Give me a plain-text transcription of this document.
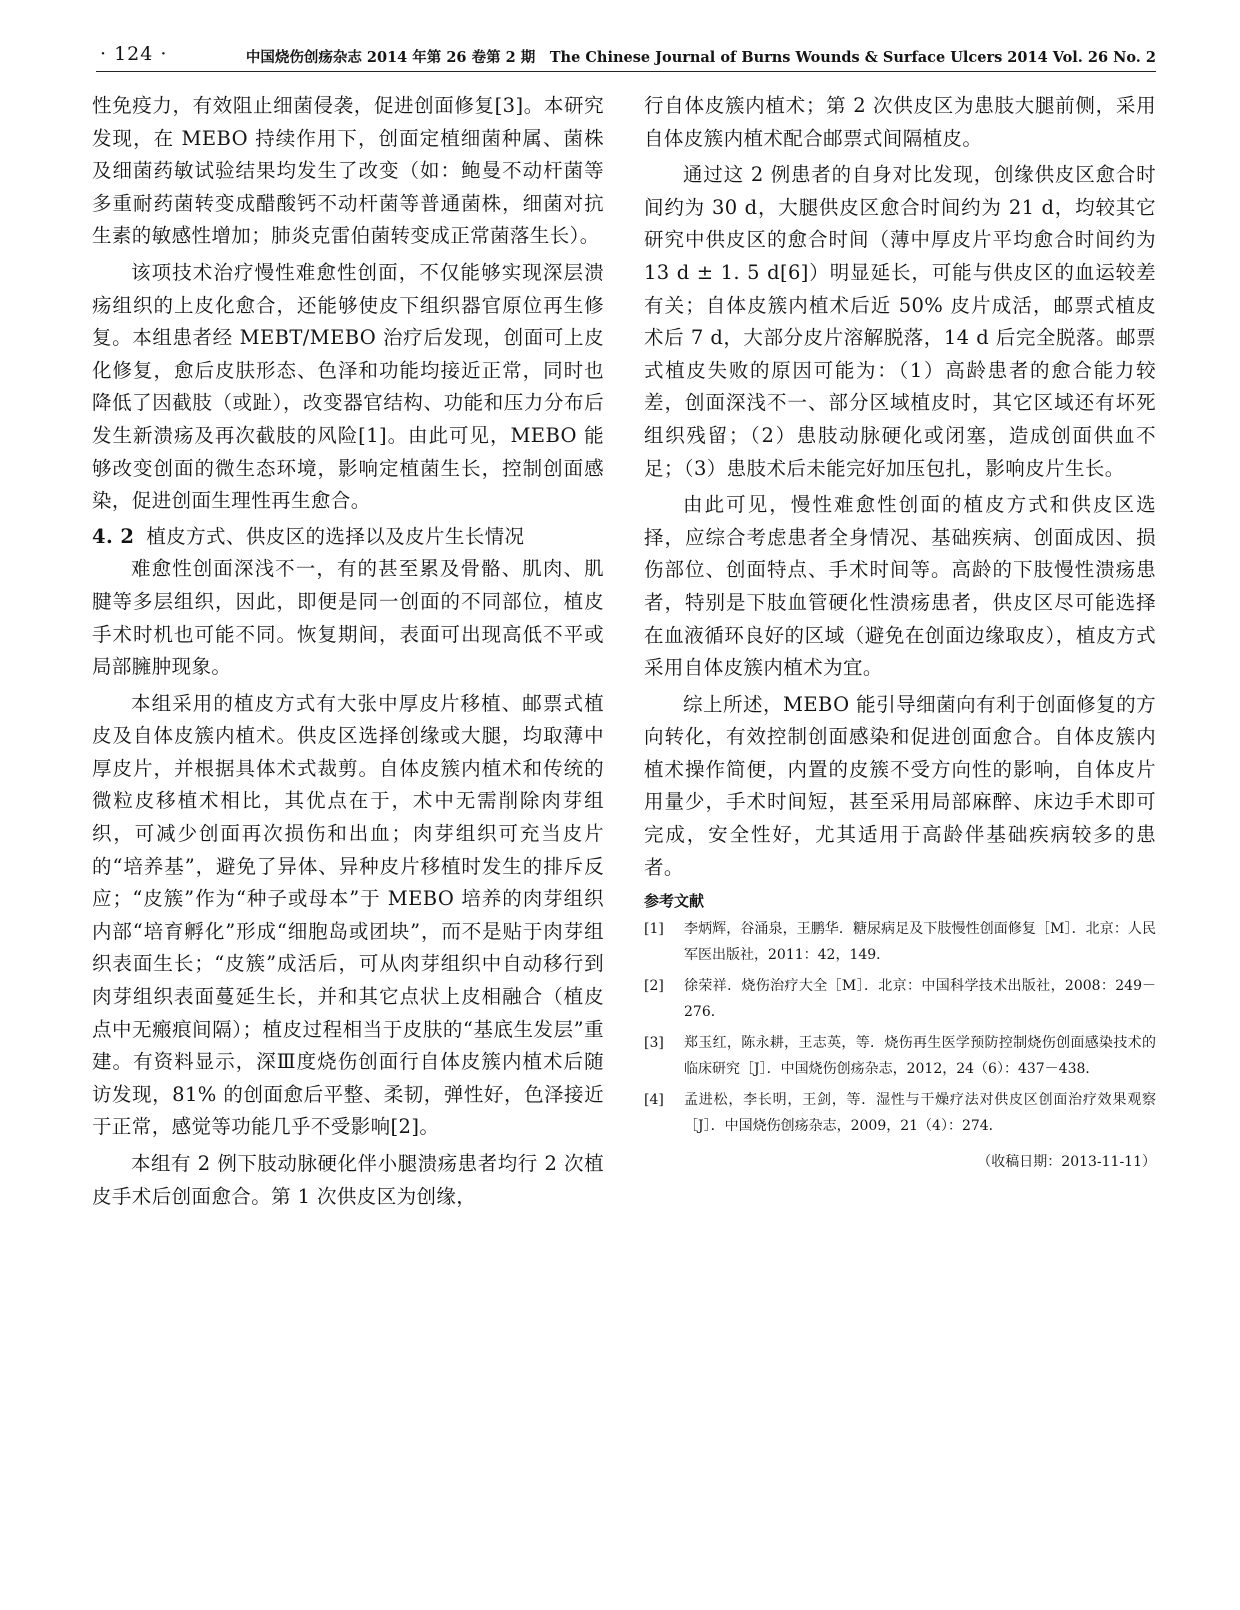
· 124 ·	中国烧伤创疡杂志 2014 年第 26 卷第 2 期　The Chinese Journal of Burns Wounds & Surface Ulcers 2014 Vol. 26 No. 2

性免疫力，有效阻止细菌侵袭，促进创面修复[3]。本研究发现，在 MEBO 持续作用下，创面定植细菌种属、菌株及细菌药敏试验结果均发生了改变（如：鲍曼不动杆菌等多重耐药菌转变成醋酸钙不动杆菌等普通菌株，细菌对抗生素的敏感性增加；肺炎克雷伯菌转变成正常菌落生长）。

该项技术治疗慢性难愈性创面，不仅能够实现深层溃疡组织的上皮化愈合，还能够使皮下组织器官原位再生修复。本组患者经 MEBT/MEBO 治疗后发现，创面可上皮化修复，愈后皮肤形态、色泽和功能均接近正常，同时也降低了因截肢（或趾），改变器官结构、功能和压力分布后发生新溃疡及再次截肢的风险[1]。由此可见，MEBO 能够改变创面的微生态环境，影响定植菌生长，控制创面感染，促进创面生理性再生愈合。

4. 2 植皮方式、供皮区的选择以及皮片生长情况

难愈性创面深浅不一，有的甚至累及骨骼、肌肉、肌腱等多层组织，因此，即便是同一创面的不同部位，植皮手术时机也可能不同。恢复期间，表面可出现高低不平或局部臃肿现象。

本组采用的植皮方式有大张中厚皮片移植、邮票式植皮及自体皮簇内植术。供皮区选择创缘或大腿，均取薄中厚皮片，并根据具体术式裁剪。自体皮簇内植术和传统的微粒皮移植术相比，其优点在于，术中无需削除肉芽组织，可减少创面再次损伤和出血；肉芽组织可充当皮片的“培养基”，避免了异体、异种皮片移植时发生的排斥反应；“皮簇”作为“种子或母本”于 MEBO 培养的肉芽组织内部“培育孵化”形成“细胞岛或团块”，而不是贴于肉芽组织表面生长；“皮簇”成活后，可从肉芽组织中自动移行到肉芽组织表面蔓延生长，并和其它点状上皮相融合（植皮点中无瘢痕间隔）；植皮过程相当于皮肤的“基底生发层”重建。有资料显示，深Ⅲ度烧伤创面行自体皮簇内植术后随访发现，81% 的创面愈后平整、柔韧，弹性好，色泽接近于正常，感觉等功能几乎不受影响[2]。

本组有 2 例下肢动脉硬化伴小腿溃疡患者均行 2 次植皮手术后创面愈合。第 1 次供皮区为创缘，

行自体皮簇内植术；第 2 次供皮区为患肢大腿前侧，采用自体皮簇内植术配合邮票式间隔植皮。

通过这 2 例患者的自身对比发现，创缘供皮区愈合时间约为 30 d，大腿供皮区愈合时间约为 21 d，均较其它研究中供皮区的愈合时间（薄中厚皮片平均愈合时间约为 13 d ± 1. 5 d[6]）明显延长，可能与供皮区的血运较差有关；自体皮簇内植术后近 50% 皮片成活，邮票式植皮术后 7 d，大部分皮片溶解脱落，14 d 后完全脱落。邮票式植皮失败的原因可能为：（1）高龄患者的愈合能力较差，创面深浅不一、部分区域植皮时，其它区域还有坏死组织残留；（2）患肢动脉硬化或闭塞，造成创面供血不足；（3）患肢术后未能完好加压包扎，影响皮片生长。

由此可见，慢性难愈性创面的植皮方式和供皮区选择，应综合考虑患者全身情况、基础疾病、创面成因、损伤部位、创面特点、手术时间等。高龄的下肢慢性溃疡患者，特别是下肢血管硬化性溃疡患者，供皮区尽可能选择在血液循环良好的区域（避免在创面边缘取皮），植皮方式采用自体皮簇内植术为宜。

综上所述，MEBO 能引导细菌向有利于创面修复的方向转化，有效控制创面感染和促进创面愈合。自体皮簇内植术操作简便，内置的皮簇不受方向性的影响，自体皮片用量少，手术时间短，甚至采用局部麻醉、床边手术即可完成，安全性好，尤其适用于高龄伴基础疾病较多的患者。

参考文献
[1] 李炳辉，谷涌泉，王鹏华．糖尿病足及下肢慢性创面修复［M］．北京：人民军医出版社，2011：42，149．
[2] 徐荣祥．烧伤治疗大全［M］．北京：中国科学技术出版社，2008：249－276．
[3] 郑玉红，陈永耕，王志英，等．烧伤再生医学预防控制烧伤创面感染技术的临床研究［J］．中国烧伤创疡杂志，2012，24（6）：437－438．
[4] 孟进松，李长明，王剑，等．湿性与干燥疗法对供皮区创面治疗效果观察［J］．中国烧伤创疡杂志，2009，21（4）：274．
（收稿日期：2013-11-11）
